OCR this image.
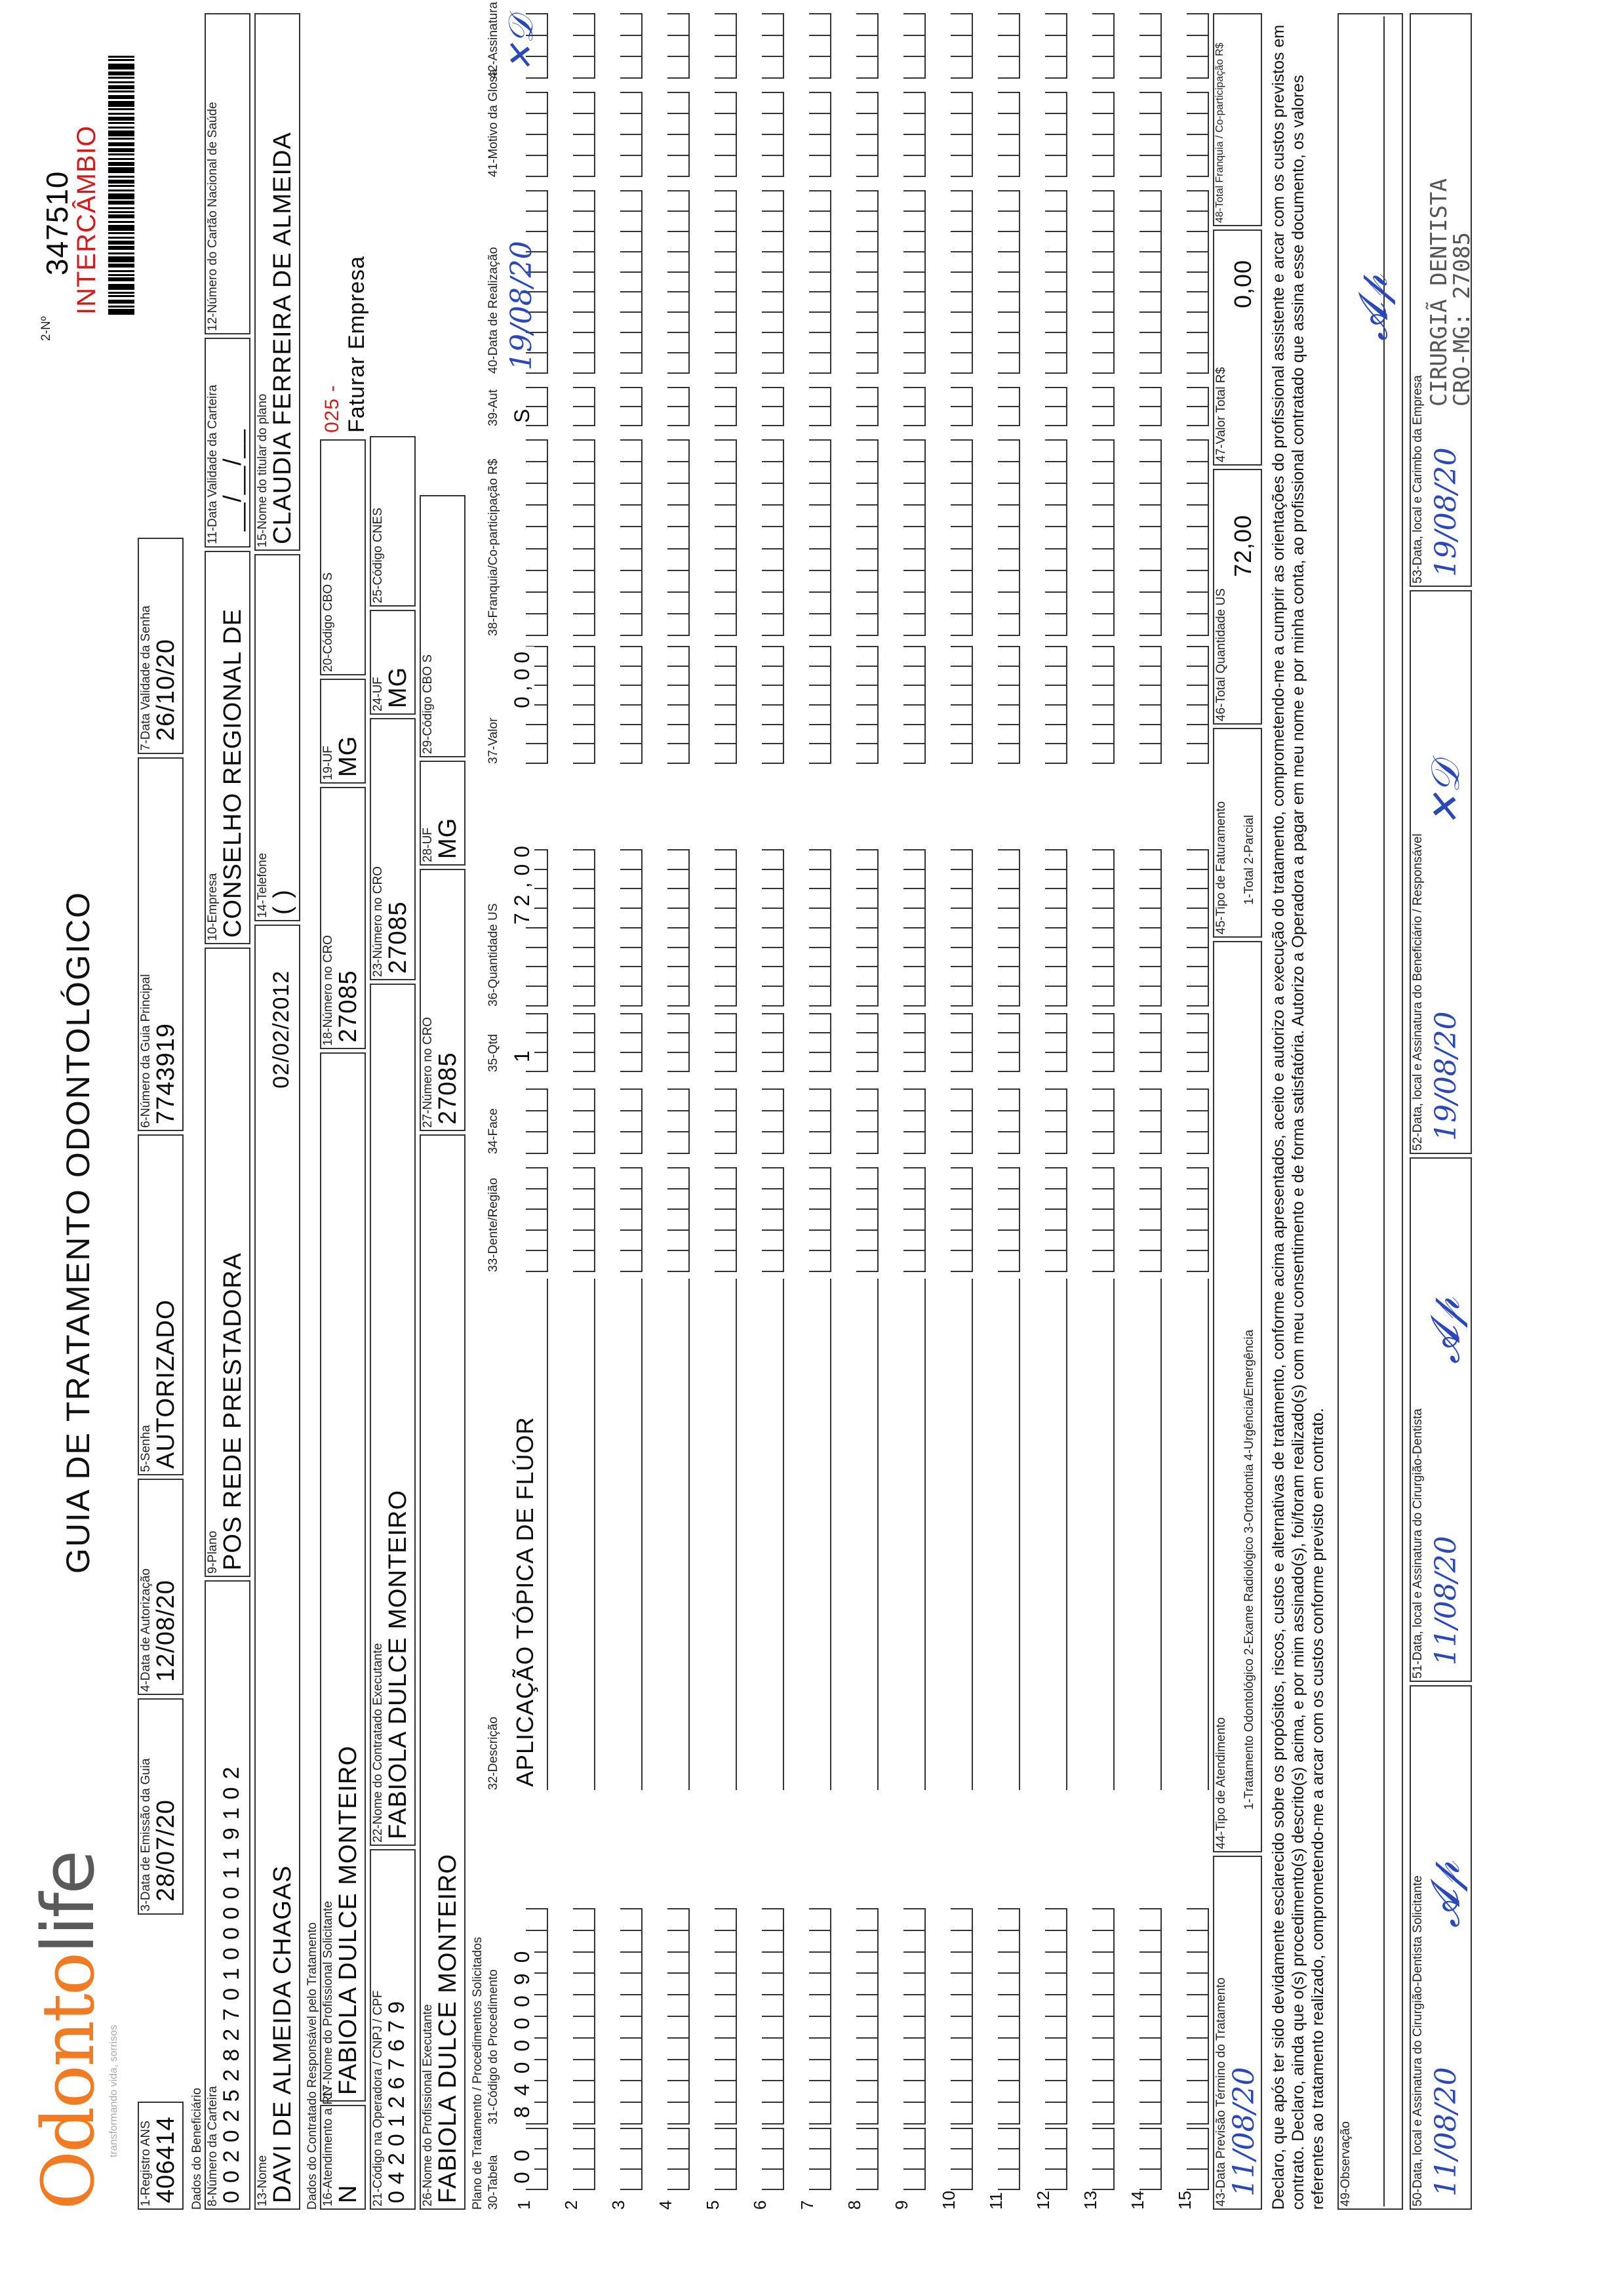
Odontolife
transformando vida, sorrisos
GUIA DE TRATAMENTO ODONTOLÓGICO
2-Nº
347510
INTERCÂMBIO
1-Registro ANS 406414
3-Data de Emissão da Guia 28/07/20
4-Data de Autorização 12/08/20
5-Senha AUTORIZADO
6-Número da Guia Principal 7743919
7-Data Validade da Senha 26/10/20
Dados do Beneficiário 8-Número da Carteira 0020252827010000119102
9-Plano POS REDE PRESTADORA
10-Empresa CONSELHO REGIONAL DE
11-Data Validade da Carteira __/__/__
12-Número do Cartão Nacional de Saúde
13-Nome DAVI DE ALMEIDA CHAGAS
02/02/2012
14-Telefone ( )
15-Nome do titular do plano CLAUDIA FERREIRA DE ALMEIDA
Dados do Contratado Responsável pelo Tratamento 16-Atendimento a RN N
17-Nome do Profissional Solicitante FABIOLA DULCE MONTEIRO
18-Número no CRO 27085
19-UF MG
20-Código CBO S
025 - Faturar Empresa
21-Código na Operadora / CNPJ / CPF 04201267679
22-Nome do Contratado Executante FABIOLA DULCE MONTEIRO
23-Número no CRO 27085
24-UF MG
25-Código CNES
26-Nome do Profissional Executante FABIOLA DULCE MONTEIRO
27-Número no CRO 27085
28-UF MG
29-Código CBO S
Plano de Tratamento / Procedimentos Solicitados 30-Tabela
31-Código do Procedimento
32-Descrição
33-Dente/Região
34-Face
35-Qtd
36-Quantidade US
37-Valor
38-Franquia/Co-participação R$
39-Aut
40-Data de Realização
41-Motivo da Glosa
42-Assinatura
1
00
84000090
APLICAÇÃO TÓPICA DE FLÚOR
1
72,00
0,00
S
19/08/20
✕𝒟
2 3 4 5 6 7 8 9 10 11 12 13 14 15 43-Data Previsão Término do Tratamento 11/08/20
44-Tipo de Atendimento 1-Tratamento Odontológico 2-Exame Radiológico 3-Ortodontia 4-Urgência/Emergência
45-Tipo de Faturamento 1-Total 2-Parcial
46-Total Quantidade US
72,00
47-Valor Total R$
0,00
48-Total Franquia / Co-participação R$	Declaro, que após ter sido devidamente esclarecido sobre os propósitos, riscos, custos e alternativas de tratamento, conforme acima apresentados, aceito e autorizo a execução do tratamento, comprometendo-me a cumprir as orientações do profissional assistente e arcar com os custos previstos em contrato. Declaro, ainda que o(s) procedimento(s) descrito(s) acima, e por mim assinado(s), foi/foram realizado(s) com meu consentimento e de forma satisfatória. Autorizo a Operadora a pagar em meu nome e por minha conta, ao profissional contratado que assina esse documento, os valores referentes ao tratamento realizado, comprometendo-me a arcar com os custos conforme previsto em contrato. 49-Observação	50-Data, local e Assinatura do Cirurgião-Dentista Solicitante 11/08/20
𝓐𝓅
51-Data, local e Assinatura do Cirurgião-Dentista 11/08/20
𝓐𝓅
52-Data, local e Assinatura do Beneficiário / Responsável 19/08/20
✕𝒟
53-Data, local e Carimbo da Empresa 19/08/20
CIRURGIÃ DENTISTA
CRO-MG: 27085
𝓐𝓅
